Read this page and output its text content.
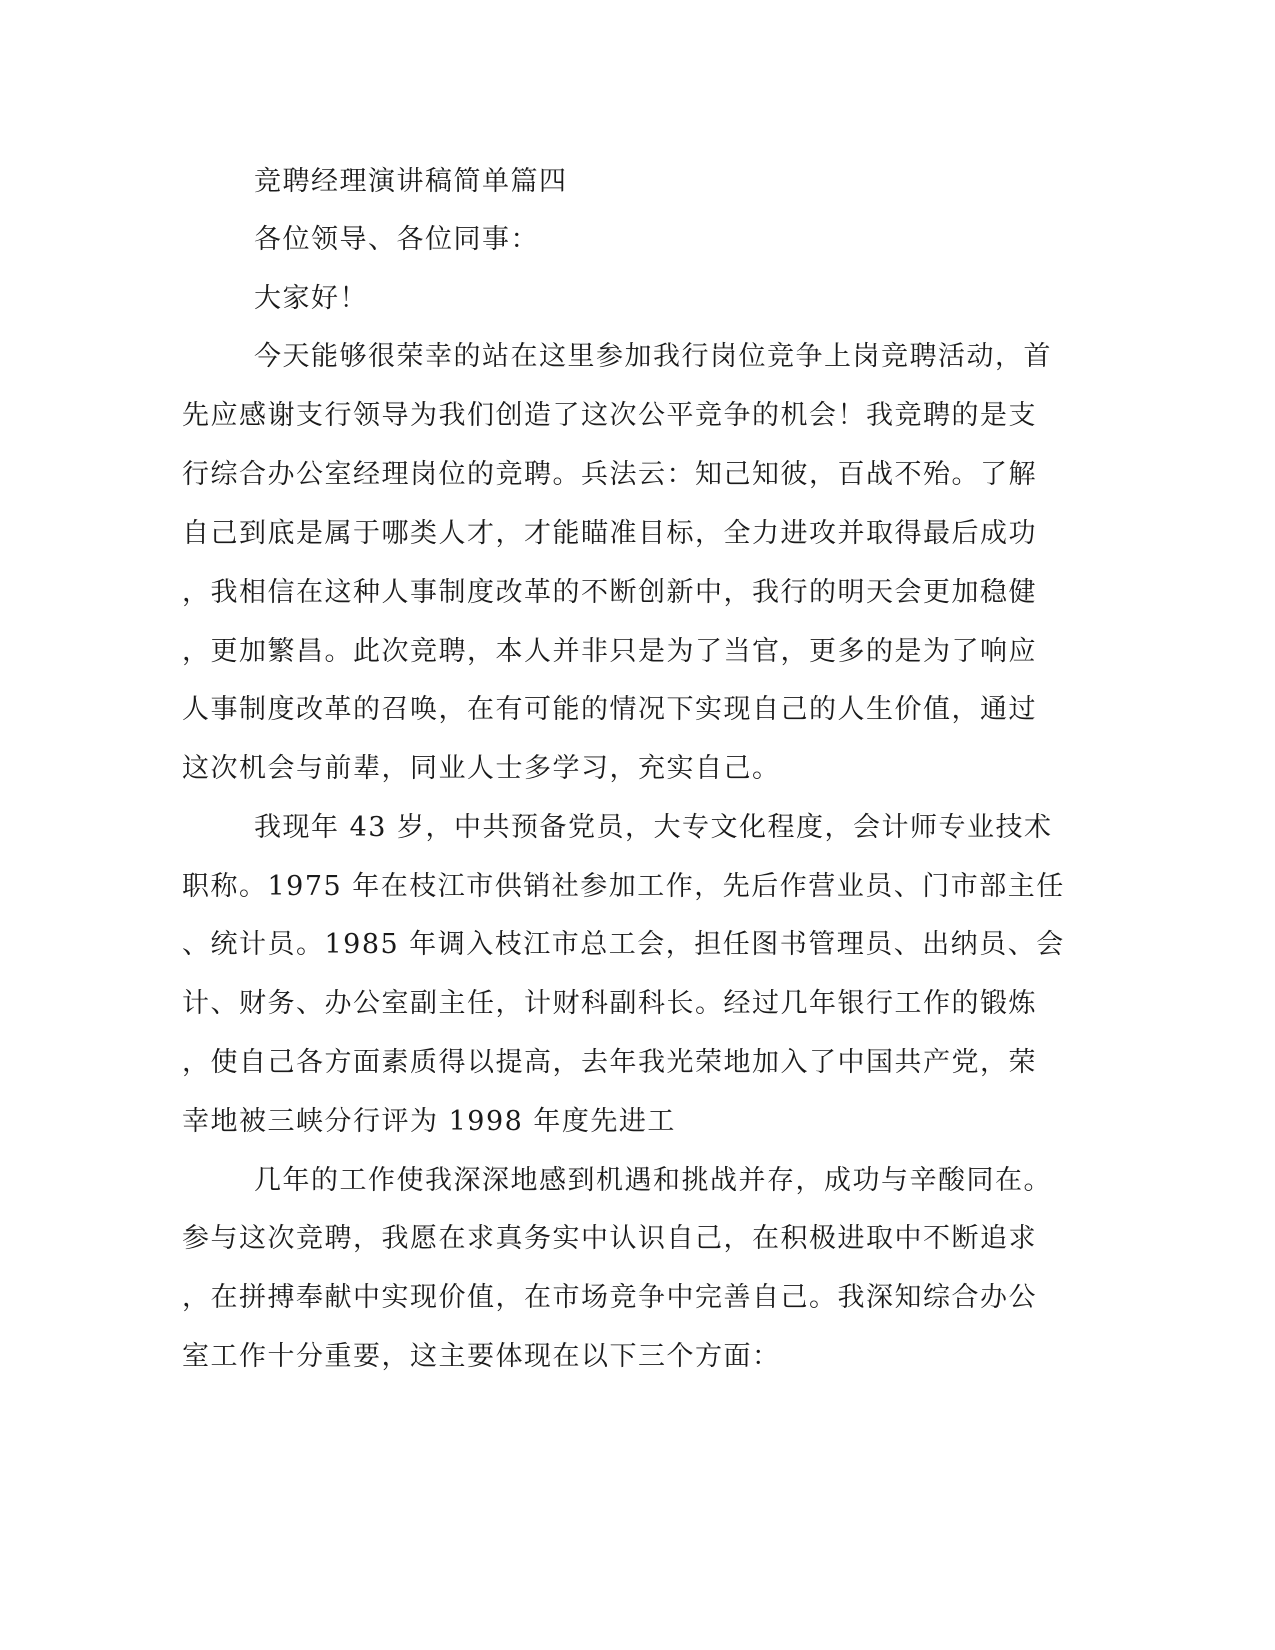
竞聘经理演讲稿简单篇四

各位领导、各位同事：

大家好！

今天能够很荣幸的站在这里参加我行岗位竞争上岗竞聘活动，首

先应感谢支行领导为我们创造了这次公平竞争的机会！我竞聘的是支

行综合办公室经理岗位的竞聘。兵法云：知己知彼，百战不殆。了解

自己到底是属于哪类人才，才能瞄准目标，全力进攻并取得最后成功

，我相信在这种人事制度改革的不断创新中，我行的明天会更加稳健

，更加繁昌。此次竞聘，本人并非只是为了当官，更多的是为了响应

人事制度改革的召唤，在有可能的情况下实现自己的人生价值，通过

这次机会与前辈，同业人士多学习，充实自己。

我现年 43 岁，中共预备党员，大专文化程度，会计师专业技术

职称。1975 年在枝江市供销社参加工作，先后作营业员、门市部主任

、统计员。1985 年调入枝江市总工会，担任图书管理员、出纳员、会

计、财务、办公室副主任，计财科副科长。经过几年银行工作的锻炼

，使自己各方面素质得以提高，去年我光荣地加入了中国共产党，荣

幸地被三峡分行评为 1998 年度先进工

几年的工作使我深深地感到机遇和挑战并存，成功与辛酸同在。

参与这次竞聘，我愿在求真务实中认识自己，在积极进取中不断追求

，在拼搏奉献中实现价值，在市场竞争中完善自己。我深知综合办公

室工作十分重要，这主要体现在以下三个方面：
